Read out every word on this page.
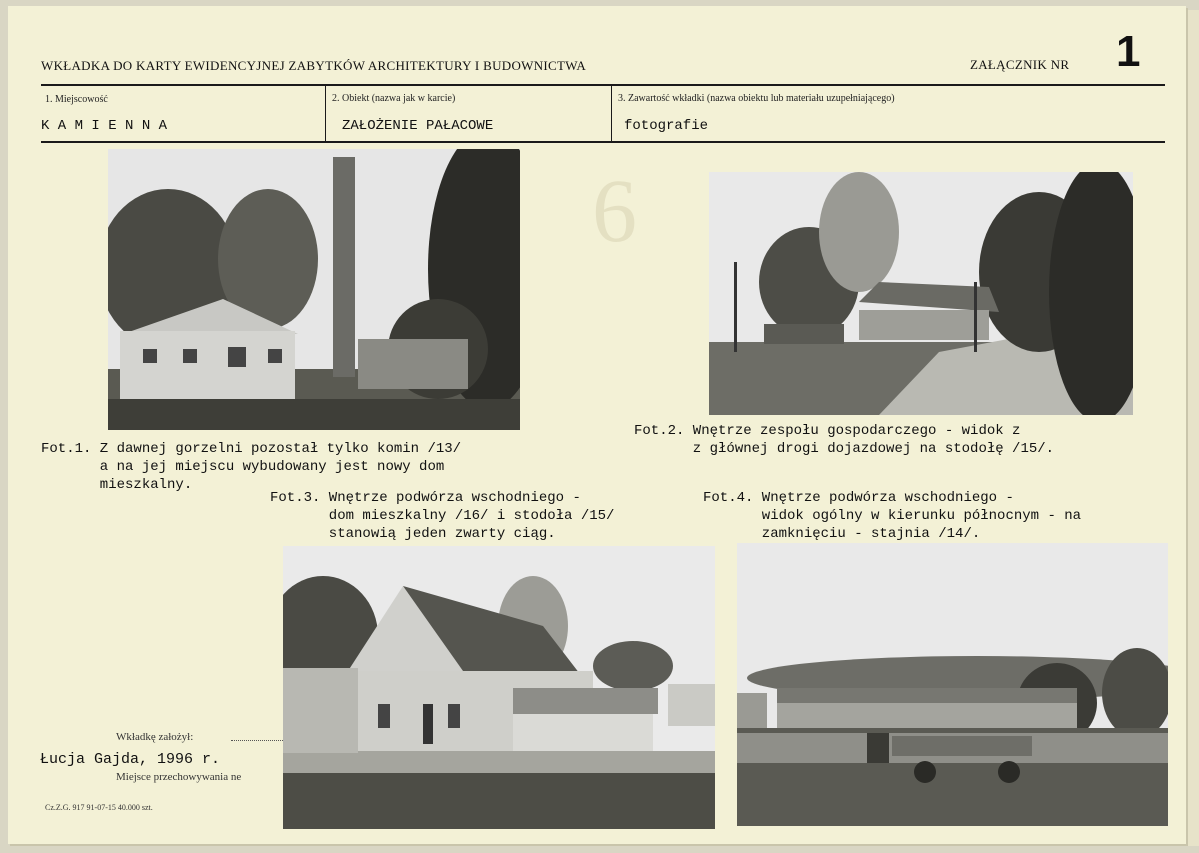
6
WKŁADKA DO KARTY EWIDENCYJNEJ ZABYTKÓW ARCHITEKTURY I BUDOWNICTWA	ZAŁĄCZNIK NR 1
1. Miejscowość
K A M I E N N A
2. Obiekt (nazwa jak w karcie)
ZAŁOŻENIE PAŁACOWE
3. Zawartość wkładki (nazwa obiektu lub materiału uzupełniającego)
fotografie
Fot.1. Z dawnej gorzelni pozostał tylko komin /13/
a na jej miejscu wybudowany jest nowy dom
mieszkalny.
Fot.2. Wnętrze zespołu gospodarczego - widok z
z głównej drogi dojazdowej na stodołę /15/.
Fot.3. Wnętrze podwórza wschodniego -
dom mieszkalny /16/ i stodoła /15/
stanowią jeden zwarty ciąg.
Fot.4. Wnętrze podwórza wschodniego -
widok ogólny w kierunku północnym - na
zamknięciu - stajnia /14/.
Wkładkę założył:
Łucja Gajda, 1996 r.
Miejsce przechowywania ne
Cz.Z.G. 917 91-07-15 40.000 szt.
